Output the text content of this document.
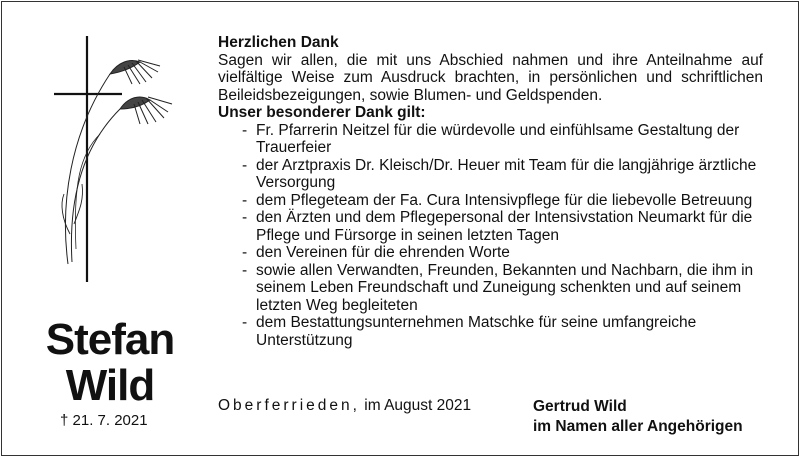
Stefan
Wild
† 21. 7. 2021
Herzlichen Dank
Sagen wir allen, die mit uns Abschied nahmen und ihre Anteilnahme auf vielfältige Weise zum Ausdruck brachten, in persönlichen und schriftlichen Beileidsbezeigungen, sowie Blumen- und Geldspenden.
Unser besonderer Dank gilt:
- Fr. Pfarrerin Neitzel für die würdevolle und einfühlsame Gestaltung der Trauerfeier
- der Arztpraxis Dr. Kleisch/Dr. Heuer mit Team für die langjährige ärztliche Versorgung
- dem Pflegeteam der Fa. Cura Intensivpflege für die liebevolle Betreuung
- den Ärzten und dem Pflegepersonal der Intensivstation Neumarkt für die Pflege und Fürsorge in seinen letzten Tagen
- den Vereinen für die ehrenden Worte
- sowie allen Verwandten, Freunden, Bekannten und Nachbarn, die ihm in seinem Leben Freundschaft und Zuneigung schenkten und auf seinem letzten Weg begleiteten
- dem Bestattungsunternehmen Matschke für seine umfangreiche Unterstützung
Oberferrieden, im August 2021	Gertrud Wild
im Namen aller Angehörigen
